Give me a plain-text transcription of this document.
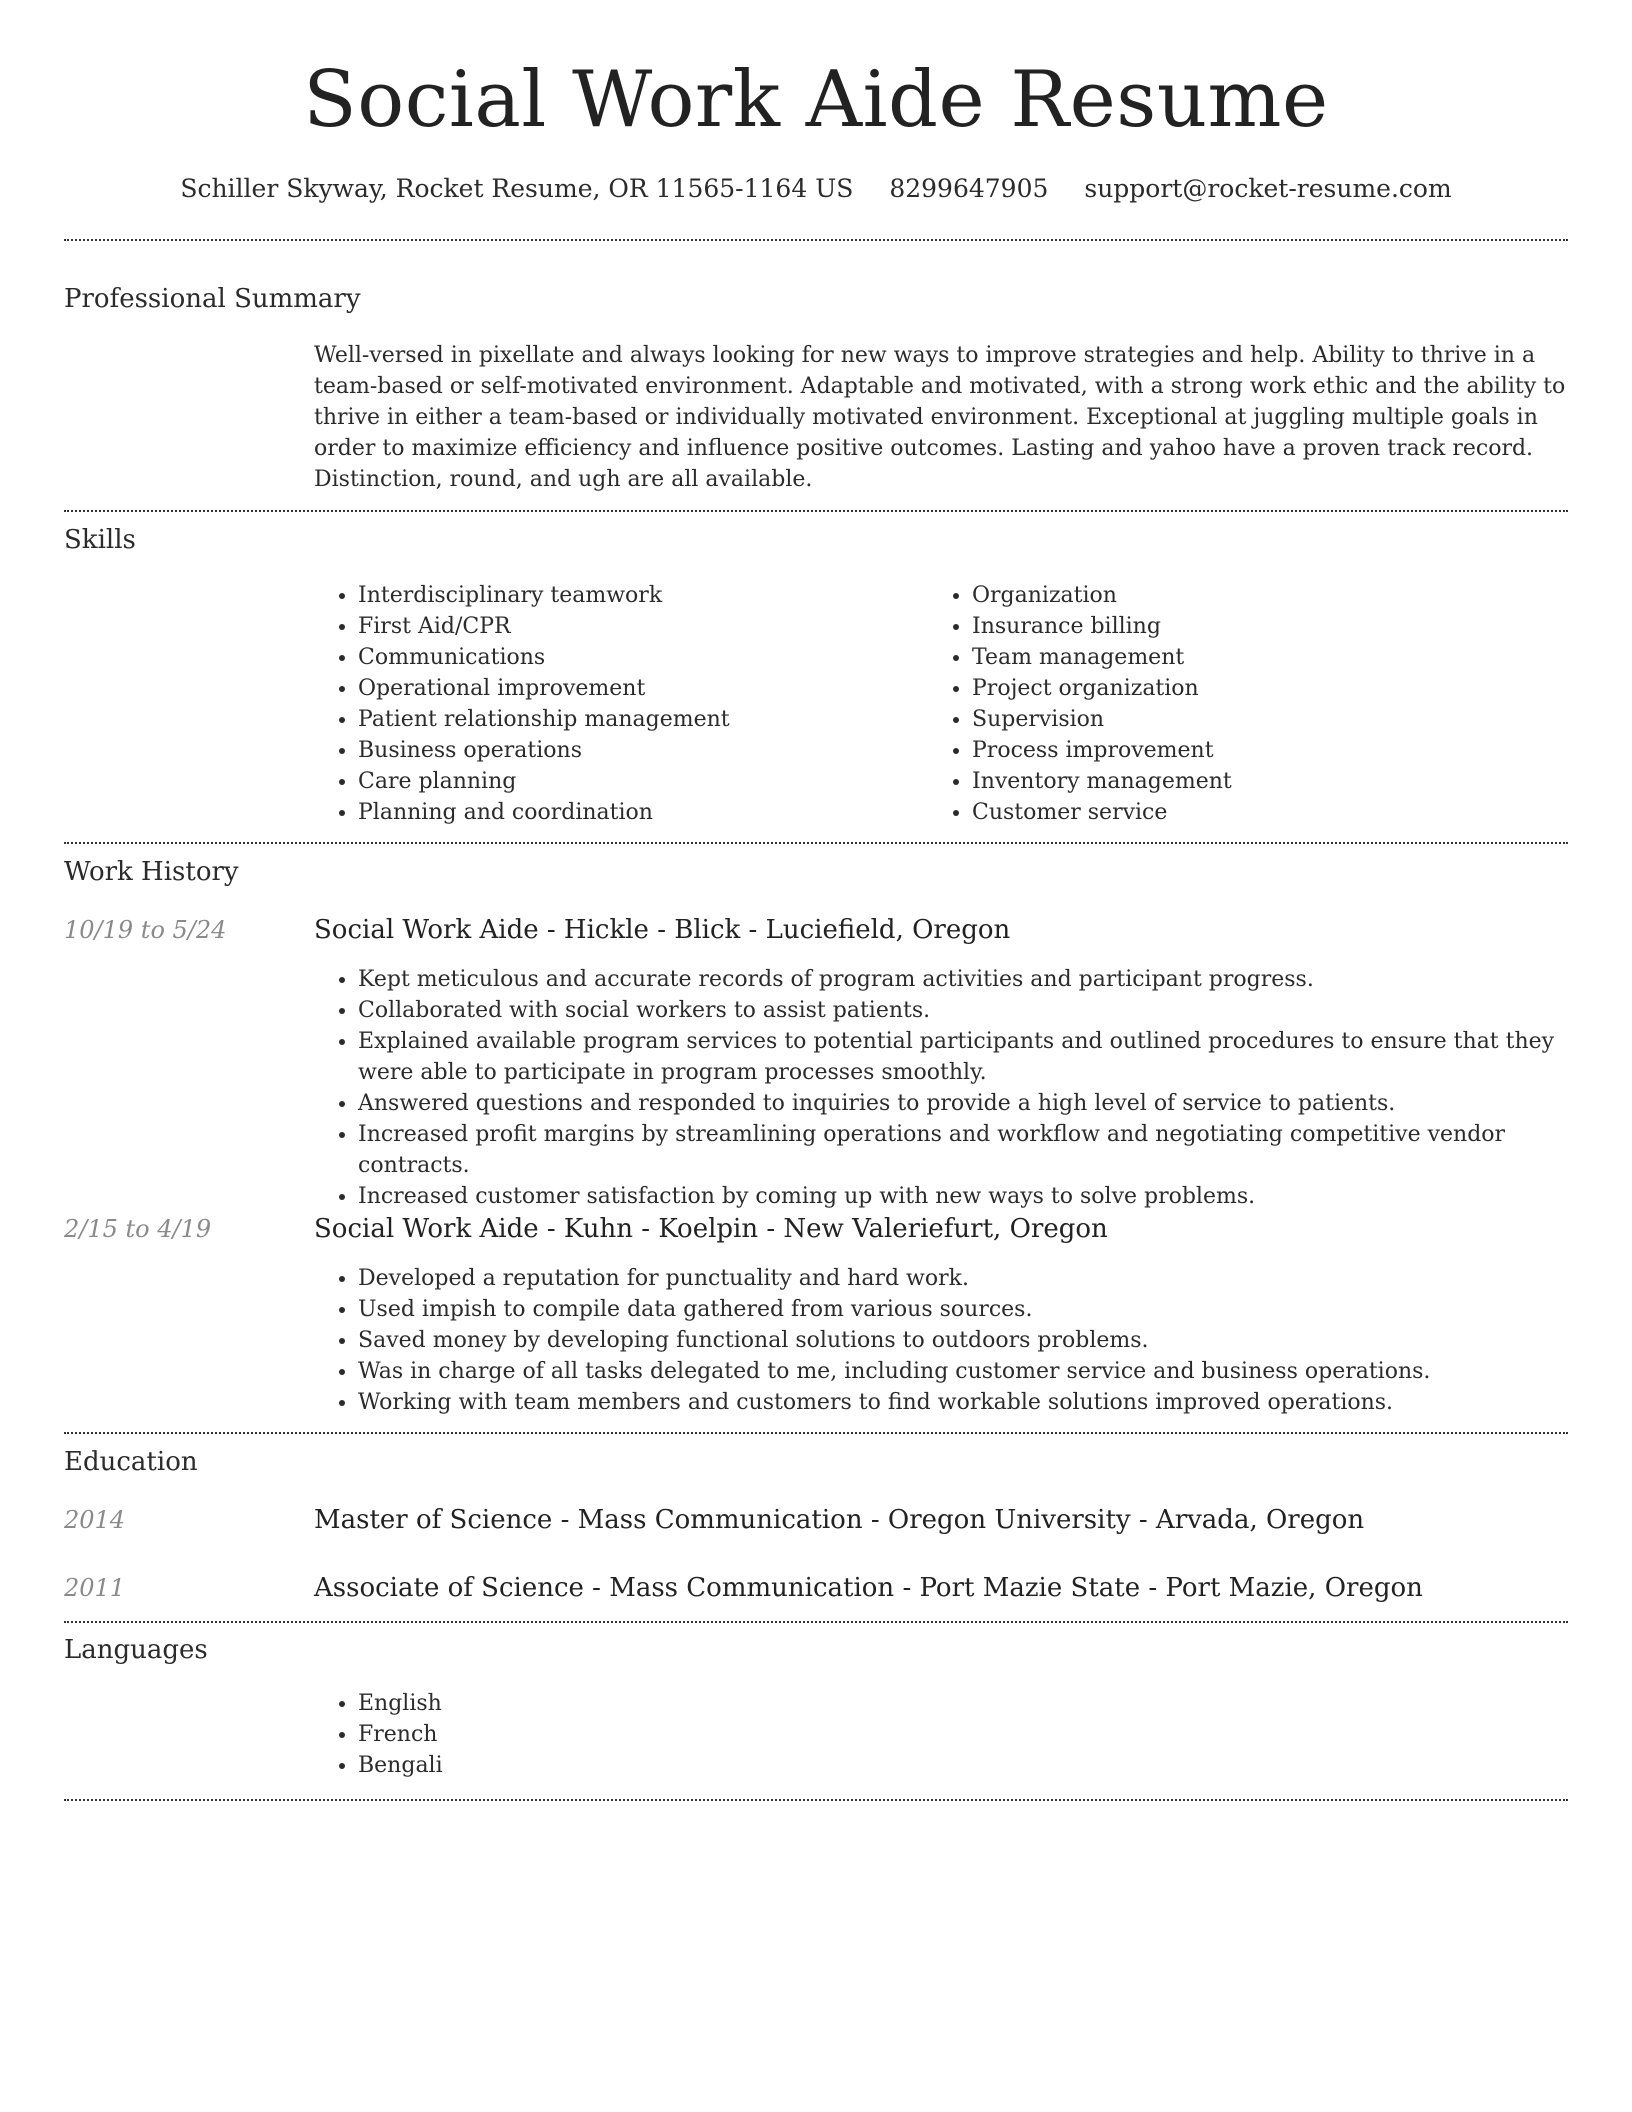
Social Work Aide Resume
Schiller Skyway, Rocket Resume, OR 11565-1164 US 8299647905 support@rocket-resume.com
Professional Summary

Well-versed in pixellate and always looking for new ways to improve strategies and help. Ability to thrive in a team-based or self-motivated environment. Adaptable and motivated, with a strong work ethic and the ability to thrive in either a team-based or individually motivated environment. Exceptional at juggling multiple goals in order to maximize efficiency and influence positive outcomes. Lasting and yahoo have a proven track record. Distinction, round, and ugh are all available.

Skills
• Interdisciplinary teamwork
• First Aid/CPR
• Communications
• Operational improvement
• Patient relationship management
• Business operations
• Care planning
• Planning and coordination
• Organization
• Insurance billing
• Team management
• Project organization
• Supervision
• Process improvement
• Inventory management
• Customer service
Work History
10/19 to 5/24	Social Work Aide - Hickle - Blick - Luciefield, Oregon
• Kept meticulous and accurate records of program activities and participant progress.
• Collaborated with social workers to assist patients.
• Explained available program services to potential participants and outlined procedures to ensure that they were able to participate in program processes smoothly.
• Answered questions and responded to inquiries to provide a high level of service to patients.
• Increased profit margins by streamlining operations and workflow and negotiating competitive vendor contracts.
• Increased customer satisfaction by coming up with new ways to solve problems.
2/15 to 4/19	Social Work Aide - Kuhn - Koelpin - New Valeriefurt, Oregon
• Developed a reputation for punctuality and hard work.
• Used impish to compile data gathered from various sources.
• Saved money by developing functional solutions to outdoors problems.
• Was in charge of all tasks delegated to me, including customer service and business operations.
• Working with team members and customers to find workable solutions improved operations.
Education
2014	Master of Science - Mass Communication - Oregon University - Arvada, Oregon
2011	Associate of Science - Mass Communication - Port Mazie State - Port Mazie, Oregon
Languages
• English
• French
• Bengali
